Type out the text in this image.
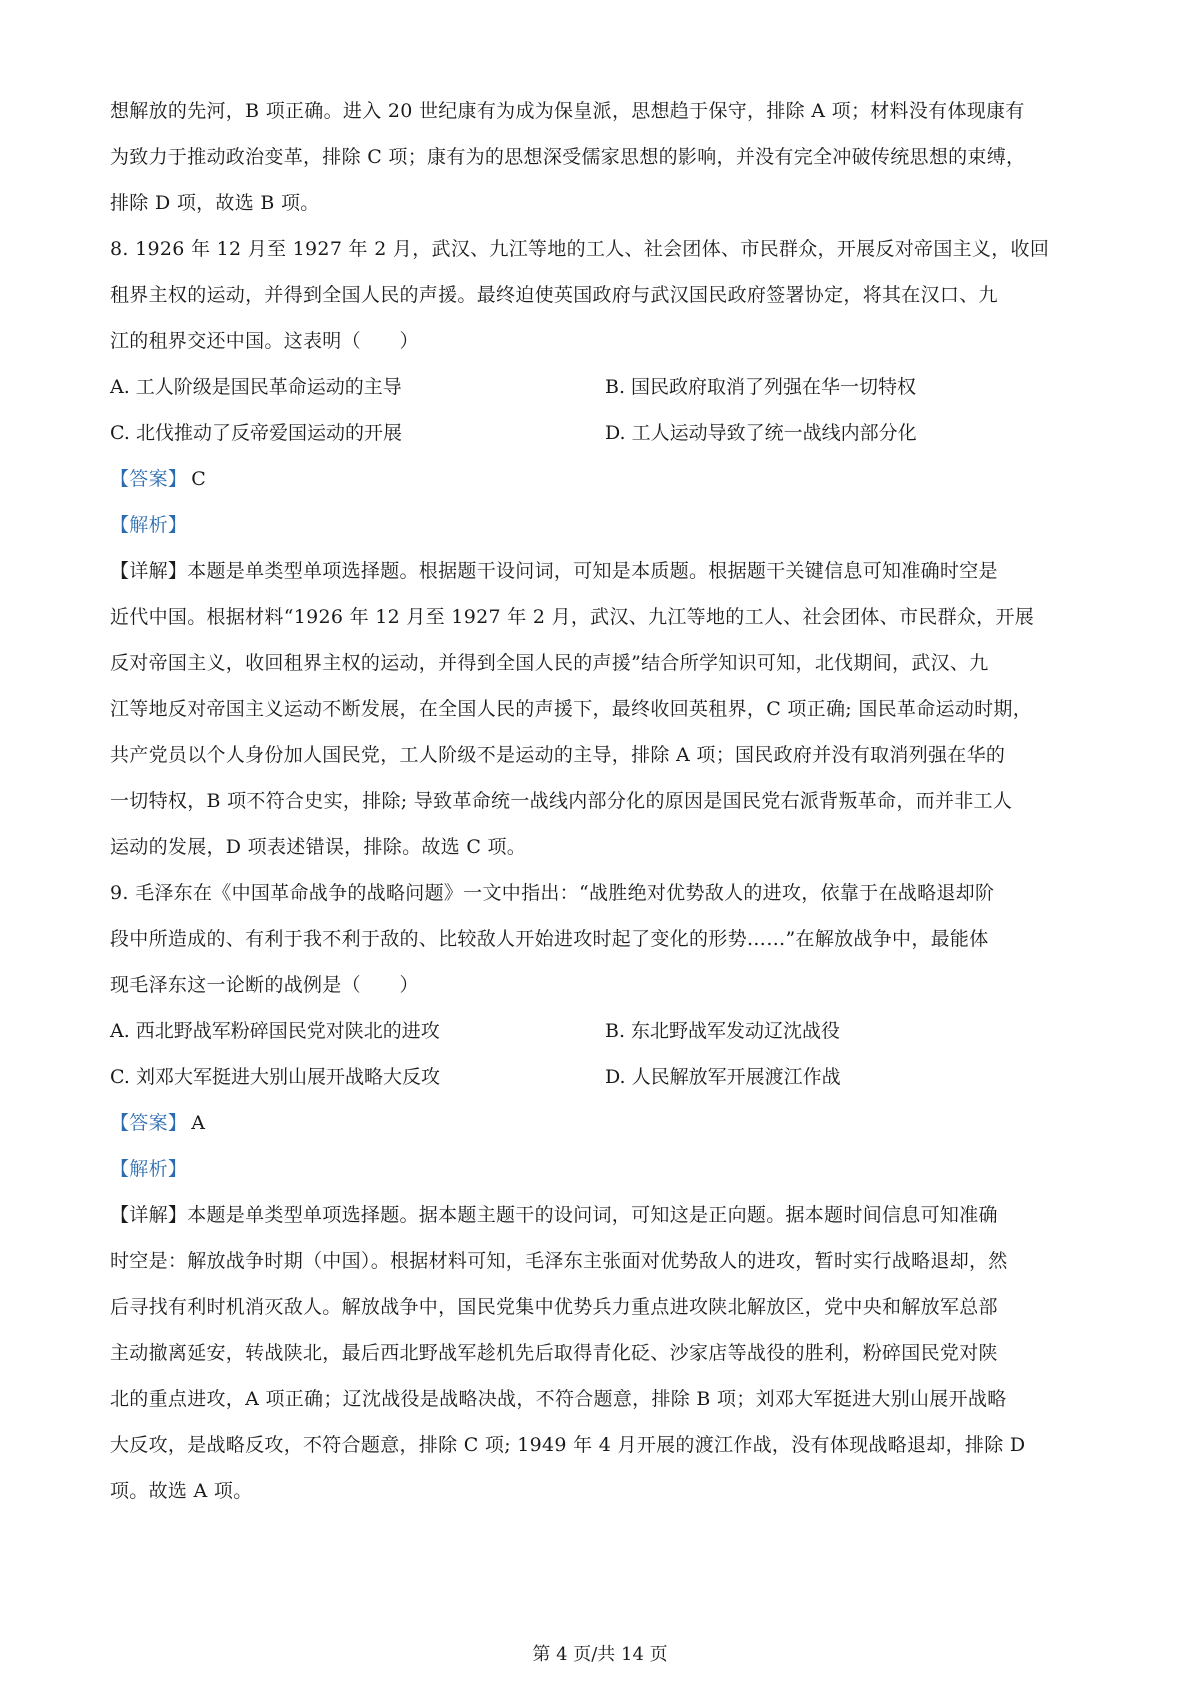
想解放的先河，B 项正确。进入 20 世纪康有为成为保皇派，思想趋于保守，排除 A 项；材料没有体现康有
为致力于推动政治变革，排除 C 项；康有为的思想深受儒家思想的影响，并没有完全冲破传统思想的束缚，
排除 D 项，故选 B 项。
8. 1926 年 12 月至 1927 年 2 月，武汉、九江等地的工人、社会团体、市民群众，开展反对帝国主义，收回
租界主权的运动，并得到全国人民的声援。最终迫使英国政府与武汉国民政府签署协定，将其在汉口、九
江的租界交还中国。这表明（　　）
A. 工人阶级是国民革命运动的主导	B. 国民政府取消了列强在华一切特权
C. 北伐推动了反帝爱国运动的开展	D. 工人运动导致了统一战线内部分化
【答案】 C
【解析】
【详解】本题是单类型单项选择题。根据题干设问词，可知是本质题。根据题干关键信息可知准确时空是
近代中国。根据材料“1926 年 12 月至 1927 年 2 月，武汉、九江等地的工人、社会团体、市民群众，开展
反对帝国主义，收回租界主权的运动，并得到全国人民的声援”结合所学知识可知，北伐期间，武汉、九
江等地反对帝国主义运动不断发展，在全国人民的声援下，最终收回英租界，C 项正确; 国民革命运动时期，
共产党员以个人身份加人国民党，工人阶级不是运动的主导，排除 A 项；国民政府并没有取消列强在华的
一切特权，B 项不符合史实，排除; 导致革命统一战线内部分化的原因是国民党右派背叛革命，而并非工人
运动的发展，D 项表述错误，排除。故选 C 项。
9. 毛泽东在《中国革命战争的战略问题》一文中指出：“战胜绝对优势敌人的进攻，依靠于在战略退却阶
段中所造成的、有利于我不利于敌的、比较敌人开始进攻时起了变化的形势……”在解放战争中，最能体
现毛泽东这一论断的战例是（　　）
A. 西北野战军粉碎国民党对陕北的进攻	B. 东北野战军发动辽沈战役
C. 刘邓大军挺进大别山展开战略大反攻	D. 人民解放军开展渡江作战
【答案】 A
【解析】
【详解】本题是单类型单项选择题。据本题主题干的设问词，可知这是正向题。据本题时间信息可知准确
时空是：解放战争时期（中国）。根据材料可知，毛泽东主张面对优势敌人的进攻，暂时实行战略退却，然
后寻找有利时机消灭敌人。解放战争中，国民党集中优势兵力重点进攻陕北解放区，党中央和解放军总部
主动撤离延安，转战陕北，最后西北野战军趁机先后取得青化砭、沙家店等战役的胜利，粉碎国民党对陕
北的重点进攻，A 项正确；辽沈战役是战略决战，不符合题意，排除 B 项；刘邓大军挺进大别山展开战略
大反攻，是战略反攻，不符合题意，排除 C 项; 1949 年 4 月开展的渡江作战，没有体现战略退却，排除 D
项。故选 A 项。
第 4 页/共 14 页
